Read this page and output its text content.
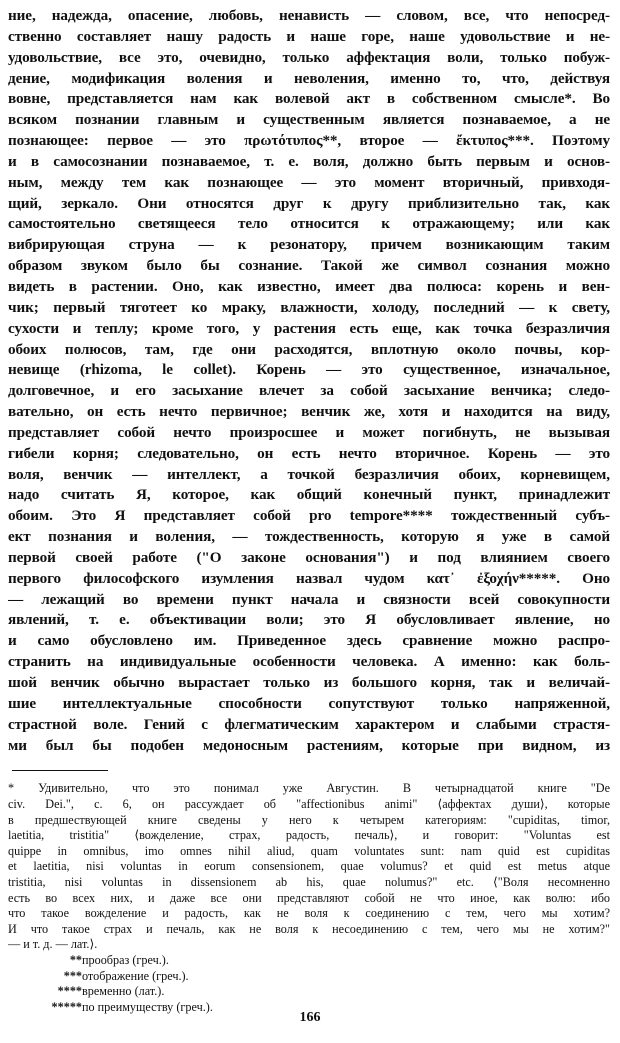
ние, надежда, опасение, любовь, ненависть — словом, все, что непосред-
ственно составляет нашу радость и наше горе, наше удовольствие и не-
удовольствие, все это, очевидно, только аффектация воли, только побуж-
дение, модификация воления и неволения, именно то, что, действуя
вовне, представляется нам как волевой акт в собственном смысле*. Во
всяком познании главным и существенным является познаваемое, а не
познающее: первое — это πρωτότυπος**, второе — ἔκτυπος***. Поэтому
и в самосознании познаваемое, т. е. воля, должно быть первым и основ-
ным, между тем как познающее — это момент вторичный, привходя-
щий, зеркало. Они относятся друг к другу приблизительно так, как
самостоятельно светящееся тело относится к отражающему; или как
вибрирующая струна — к резонатору, причем возникающим таким
образом звуком было бы сознание. Такой же символ сознания можно
видеть в растении. Оно, как известно, имеет два полюса: корень и вен-
чик; первый тяготеет ко мраку, влажности, холоду, последний — к свету,
сухости и теплу; кроме того, у растения есть еще, как точка безразличия
обоих полюсов, там, где они расходятся, вплотную около почвы, кор-
невище (rhizoma, le collet). Корень — это существенное, изначальное,
долговечное, и его засыхание влечет за собой засыхание венчика; следо-
вательно, он есть нечто первичное; венчик же, хотя и находится на виду,
представляет собой нечто произросшее и может погибнуть, не вызывая
гибели корня; следовательно, он есть нечто вторичное. Корень — это
воля, венчик — интеллект, а точкой безразличия обоих, корневищем,
надо считать Я, которое, как общий конечный пункт, принадлежит
обоим. Это Я представляет собой pro tempore**** тождественный субъ-
ект познания и воления, — тождественность, которую я уже в самой
первой своей работе ("О законе основания") и под влиянием своего
первого философского изумления назвал чудом κατ᾽ ἐξοχήν*****. Оно
— лежащий во времени пункт начала и связности всей совокупности
явлений, т. е. объективации воли; это Я обусловливает явление, но
и само обусловлено им. Приведенное здесь сравнение можно распро-
странить на индивидуальные особенности человека. А именно: как боль-
шой венчик обычно вырастает только из большого корня, так и величай-
шие интеллектуальные способности сопутствуют только напряженной,
страстной воле. Гений с флегматическим характером и слабыми страстя-
ми был бы подобен медоносным растениям, которые при видном, из
* Удивительно, что это понимал уже Августин. В четырнадцатой книге "De
civ. Dei.", с. 6, он рассуждает об "affectionibus animi" ⟨аффектах души⟩, которые
в предшествующей книге сведены у него к четырем категориям: "cupiditas, timor,
laetitia, tristitia" ⟨вожделение, страх, радость, печаль⟩, и говорит: "Voluntas est
quippe in omnibus, imo omnes nihil aliud, quam voluntates sunt: nam quid est cupiditas
et laetitia, nisi voluntas in eorum consensionem, quae volumus? et quid est metus atque
tristitia, nisi voluntas in dissensionem ab his, quae nolumus?" etc. ⟨"Воля несомненно
есть во всех них, и даже все они представляют собой не что иное, как волю: ибо
что такое вожделение и радость, как не воля к соединению с тем, чего мы хотим?
И что такое страх и печаль, как не воля к несоединению с тем, чего мы не хотим?"
— и т. д. — лат.⟩.
**прообраз (греч.).
***отображение (греч.).
****временно (лат.).
*****по преимуществу (греч.).
166
